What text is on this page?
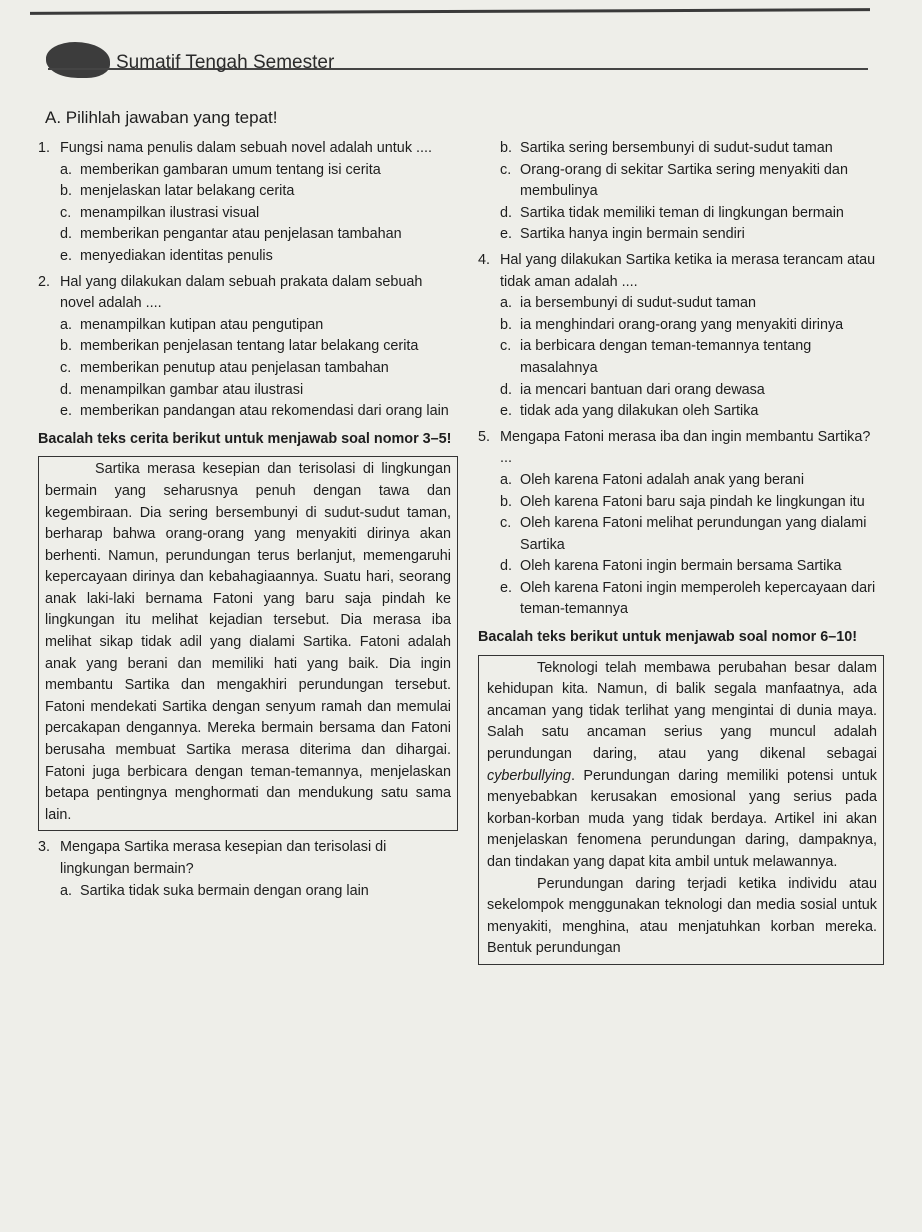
Sumatif Tengah Semester
A. Pilihlah jawaban yang tepat!
1. Fungsi nama penulis dalam sebuah novel adalah untuk ....
a. memberikan gambaran umum tentang isi cerita
b. menjelaskan latar belakang cerita
c. menampilkan ilustrasi visual
d. memberikan pengantar atau penjelasan tambahan
e. menyediakan identitas penulis
2. Hal yang dilakukan dalam sebuah prakata dalam sebuah novel adalah ....
a. menampilkan kutipan atau pengutipan
b. memberikan penjelasan tentang latar belakang cerita
c. memberikan penutup atau penjelasan tambahan
d. menampilkan gambar atau ilustrasi
e. memberikan pandangan atau rekomendasi dari orang lain
Bacalah teks cerita berikut untuk menjawab soal nomor 3–5!
Sartika merasa kesepian dan terisolasi di lingkungan bermain yang seharusnya penuh dengan tawa dan kegembiraan. Dia sering bersembunyi di sudut-sudut taman, berharap bahwa orang-orang yang menyakiti dirinya akan berhenti. Namun, perundungan terus berlanjut, memengaruhi kepercayaan dirinya dan kebahagiaannya. Suatu hari, seorang anak laki-laki bernama Fatoni yang baru saja pindah ke lingkungan itu melihat kejadian tersebut. Dia merasa iba melihat sikap tidak adil yang dialami Sartika. Fatoni adalah anak yang berani dan memiliki hati yang baik. Dia ingin membantu Sartika dan mengakhiri perundungan tersebut. Fatoni mendekati Sartika dengan senyum ramah dan memulai percakapan dengannya. Mereka bermain bersama dan Fatoni berusaha membuat Sartika merasa diterima dan dihargai. Fatoni juga berbicara dengan teman-temannya, menjelaskan betapa pentingnya menghormati dan mendukung satu sama lain.
3. Mengapa Sartika merasa kesepian dan terisolasi di lingkungan bermain?
a. Sartika tidak suka bermain dengan orang lain
b. Sartika sering bersembunyi di sudut-sudut taman
c. Orang-orang di sekitar Sartika sering menyakiti dan membulinya
d. Sartika tidak memiliki teman di lingkungan bermain
e. Sartika hanya ingin bermain sendiri
4. Hal yang dilakukan Sartika ketika ia merasa terancam atau tidak aman adalah ....
a. ia bersembunyi di sudut-sudut taman
b. ia menghindari orang-orang yang menyakiti dirinya
c. ia berbicara dengan teman-temannya tentang masalahnya
d. ia mencari bantuan dari orang dewasa
e. tidak ada yang dilakukan oleh Sartika
5. Mengapa Fatoni merasa iba dan ingin membantu Sartika? ...
a. Oleh karena Fatoni adalah anak yang berani
b. Oleh karena Fatoni baru saja pindah ke lingkungan itu
c. Oleh karena Fatoni melihat perundungan yang dialami Sartika
d. Oleh karena Fatoni ingin bermain bersama Sartika
e. Oleh karena Fatoni ingin memperoleh kepercayaan dari teman-temannya
Bacalah teks berikut untuk menjawab soal nomor 6–10!
Teknologi telah membawa perubahan besar dalam kehidupan kita. Namun, di balik segala manfaatnya, ada ancaman yang tidak terlihat yang mengintai di dunia maya. Salah satu ancaman serius yang muncul adalah perundungan daring, atau yang dikenal sebagai cyberbullying. Perundungan daring memiliki potensi untuk menyebabkan kerusakan emosional yang serius pada korban-korban muda yang tidak berdaya. Artikel ini akan menjelaskan fenomena perundungan daring, dampaknya, dan tindakan yang dapat kita ambil untuk melawannya.
Perundungan daring terjadi ketika individu atau sekelompok menggunakan teknologi dan media sosial untuk menyakiti, menghina, atau menjatuhkan korban mereka. Bentuk perundungan
